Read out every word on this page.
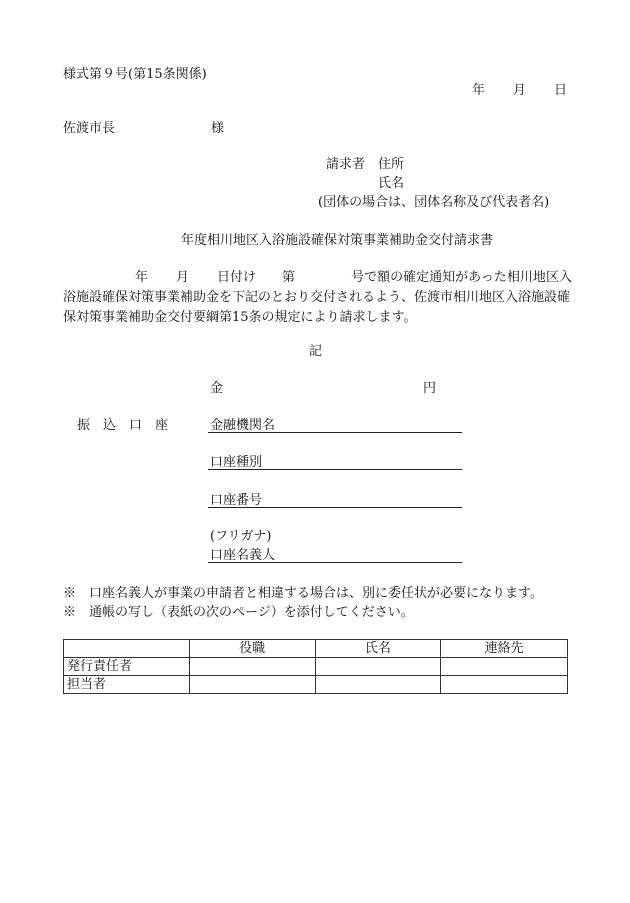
様式第９号(第15条関係)
年 月 日
佐渡市長	様
請求者 住所
氏名
(団体の場合は、団体名称及び代表者名)
年度相川地区入浴施設確保対策事業補助金交付請求書
年 月 日付け 第	号で額の確定通知があった相川地区入浴施設確保対策事業補助金を下記のとおり交付されるよう、佐渡市相川地区入浴施設確保対策事業補助金交付要綱第15条の規定により請求します。
記
金	円
振　込　口　座	金融機関名
口座種別
口座番号
(フリガナ)
口座名義人
※　口座名義人が事業の申請者と相違する場合は、別に委任状が必要になります。
※　通帳の写し（表紙の次のページ）を添付してください。
	役職	氏名	連絡先
発行責任者			
担当者			
